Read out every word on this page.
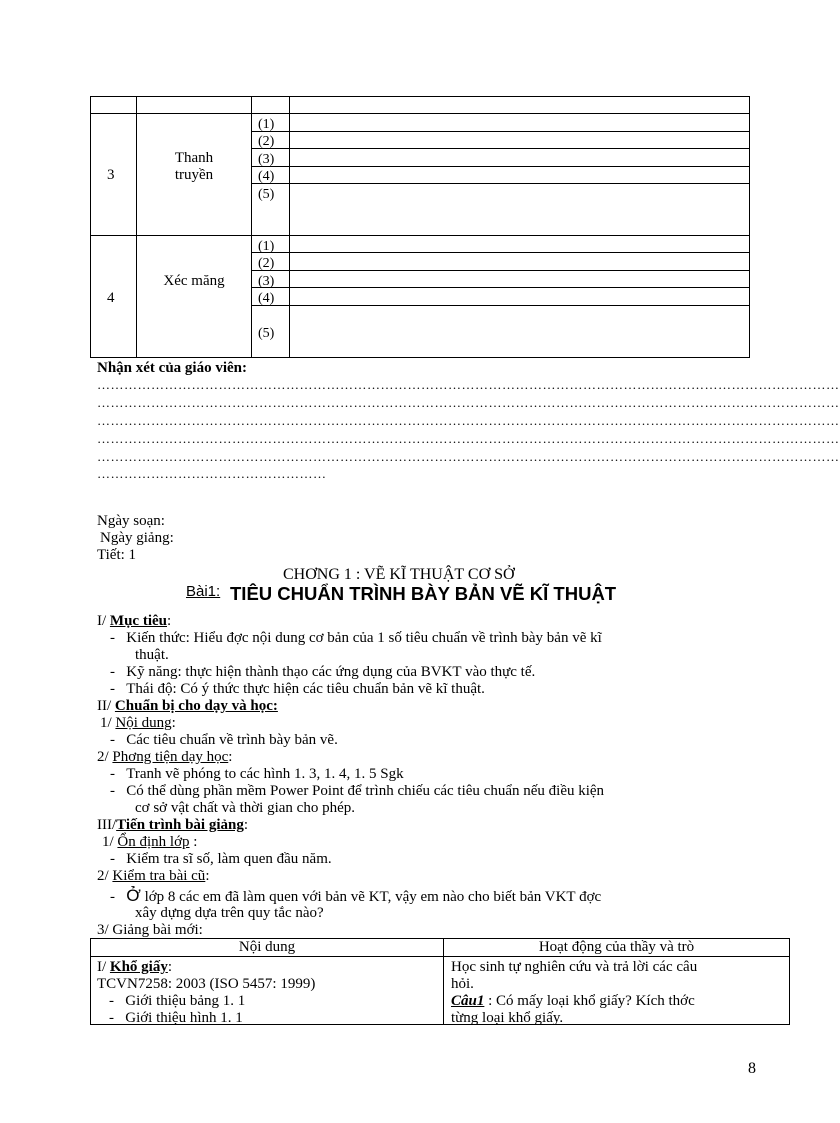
3
Thanh
truyền
(1)
(2)
(3)
(4)
(5)
4
Xéc măng
(1)
(2)
(3)
(4)
(5)
Nhận xét của giáo viên:
…………………………………………………………………………………………………………………………………………………
…………………………………………………………………………………………………………………………………………………
…………………………………………………………………………………………………………………………………………………
…………………………………………………………………………………………………………………………………………………
…………………………………………………………………………………………………………………………………………………
……………………………………………
Ngày soạn:
Ngày giảng:
Tiết: 1
CHƠNG 1 : VẼ KĨ THUẬT CƠ SỞ
Bài1: TIÊU CHUẨN TRÌNH BÀY BẢN VẼ KĨ THUẬT
I/ Mục tiêu:
-   Kiến thức: Hiểu đợc nội dung cơ bản của 1 số tiêu chuẩn về trình bày bản vẽ kĩ
thuật.
-   Kỹ năng: thực hiện thành thạo các ứng dụng của BVKT vào thực tế.
-   Thái độ: Có ý thức thực hiện các tiêu chuẩn bản vẽ kĩ thuật.
II/ Chuẩn bị cho dạy và học:
1/ Nội dung:
-   Các tiêu chuẩn về trình bày bản vẽ.
2/ Phơng tiện dạy học:
-   Tranh vẽ phóng to các hình 1. 3, 1. 4, 1. 5 Sgk
-   Có thể dùng phần mềm Power Point để trình chiếu các tiêu chuẩn nếu điều kiện
cơ sở vật chất và thời gian cho phép.
III/Tiến trình bài giảng:
1/ Ổn định lớp :
-   Kiểm tra sĩ số, làm quen đầu năm.
2/ Kiểm tra bài cũ:
-   Ở lớp 8 các em đã làm quen với bản vẽ KT, vậy em nào cho biết bản VKT đợc
xây dựng dựa trên quy tắc nào?
3/ Giảng bài mới:
Nội dung	Hoạt động của thầy và trò
I/ Khổ giấy:
TCVN7258: 2003 (ISO 5457: 1999)
-   Giới thiệu bảng 1. 1
-   Giới thiệu hình 1. 1
Học sinh tự nghiên cứu và trả lời các câu
hỏi.
Câu1 : Có mấy loại khổ giấy? Kích thớc
từng loại khổ giấy.
8
